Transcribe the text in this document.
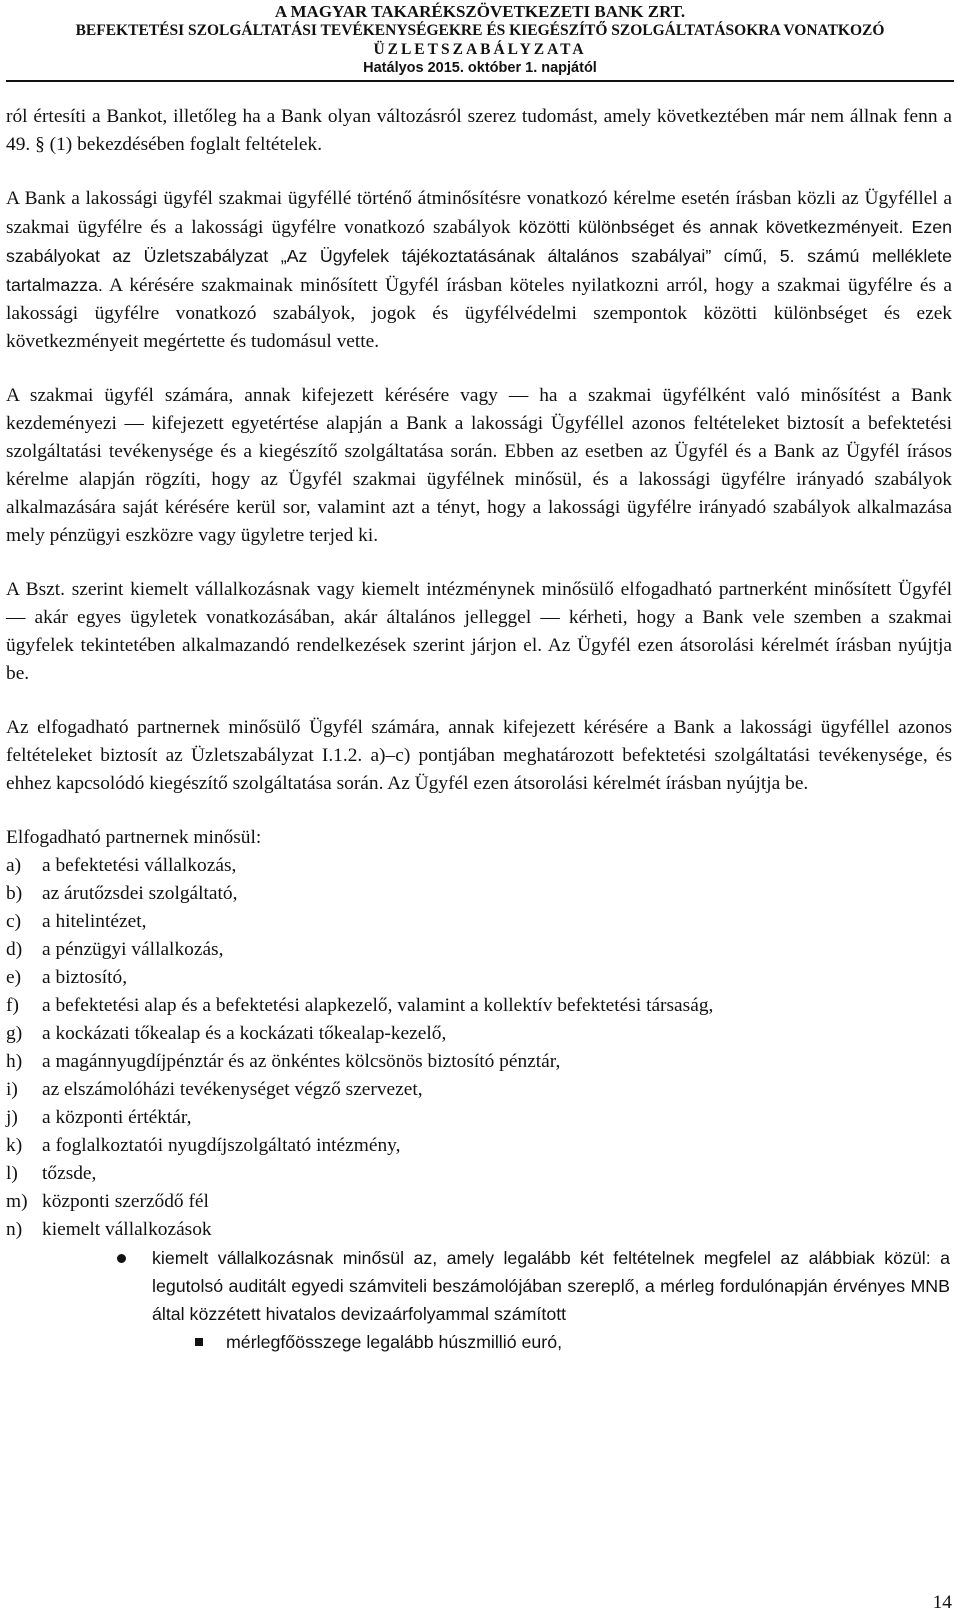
A MAGYAR TAKARÉKSZÖVETKEZETI BANK ZRT.
BEFEKTETÉSI SZOLGÁLTATÁSI TEVÉKENYSÉGEKRE ÉS KIEGÉSZÍTŐ SZOLGÁLTATÁSOKRA VONATKOZÓ
ÜZLETSZABÁLYZATA
Hatályos 2015. október 1. napjától

ról értesíti a Bankot, illetőleg ha a Bank olyan változásról szerez tudomást, amely következtében már nem állnak fenn a 49. § (1) bekezdésében foglalt feltételek.

A Bank a lakossági ügyfél szakmai ügyféllé történő átminősítésre vonatkozó kérelme esetén írásban közli az Ügyféllel a szakmai ügyfélre és a lakossági ügyfélre vonatkozó szabályok közötti különbséget és annak következményeit. Ezen szabályokat az Üzletszabályzat „Az Ügyfelek tájékoztatásának általános szabályai” című, 5. számú melléklete tartalmazza. A kérésére szakmainak minősített Ügyfél írásban köteles nyilatkozni arról, hogy a szakmai ügyfélre és a lakossági ügyfélre vonatkozó szabályok, jogok és ügyfélvédelmi szempontok közötti különbséget és ezek következményeit megértette és tudomásul vette.

A szakmai ügyfél számára, annak kifejezett kérésére vagy — ha a szakmai ügyfélként való minősítést a Bank kezdeményezi — kifejezett egyetértése alapján a Bank a lakossági Ügyféllel azonos feltételeket biztosít a befektetési szolgáltatási tevékenysége és a kiegészítő szolgáltatása során. Ebben az esetben az Ügyfél és a Bank az Ügyfél írásos kérelme alapján rögzíti, hogy az Ügyfél szakmai ügyfélnek minősül, és a lakossági ügyfélre irányadó szabályok alkalmazására saját kérésére kerül sor, valamint azt a tényt, hogy a lakossági ügyfélre irányadó szabályok alkalmazása mely pénzügyi eszközre vagy ügyletre terjed ki.

A Bszt. szerint kiemelt vállalkozásnak vagy kiemelt intézménynek minősülő elfogadható partnerként minősített Ügyfél — akár egyes ügyletek vonatkozásában, akár általános jelleggel — kérheti, hogy a Bank vele szemben a szakmai ügyfelek tekintetében alkalmazandó rendelkezések szerint járjon el. Az Ügyfél ezen átsorolási kérelmét írásban nyújtja be.

Az elfogadható partnernek minősülő Ügyfél számára, annak kifejezett kérésére a Bank a lakossági ügyféllel azonos feltételeket biztosít az Üzletszabályzat I.1.2. a)–c) pontjában meghatározott befektetési szolgáltatási tevékenysége, és ehhez kapcsolódó kiegészítő szolgáltatása során. Az Ügyfél ezen átsorolási kérelmét írásban nyújtja be.

Elfogadható partnernek minősül:

a)	a befektetési vállalkozás,
b)	az árutőzsdei szolgáltató,
c)	a hitelintézet,
d)	a pénzügyi vállalkozás,
e)	a biztosító,
f)	a befektetési alap és a befektetési alapkezelő, valamint a kollektív befektetési társaság,
g)	a kockázati tőkealap és a kockázati tőkealap-kezelő,
h)	a magánnyugdíjpénztár és az önkéntes kölcsönös biztosító pénztár,
i)	az elszámolóházi tevékenységet végző szervezet,
j)	a központi értéktár,
k)	a foglalkoztatói nyugdíjszolgáltató intézmény,
l)	tőzsde,
m) központi szerződő fél
n)	kiemelt vállalkozások
kiemelt vállalkozásnak minősül az, amely legalább két feltételnek megfelel az alábbiak közül: a legutolsó auditált egyedi számviteli beszámolójában szereplő, a mérleg fordulónapján érvényes MNB által közzétett hivatalos devizaárfolyammal számított
mérlegfőösszege legalább húszmillió euró,
14
